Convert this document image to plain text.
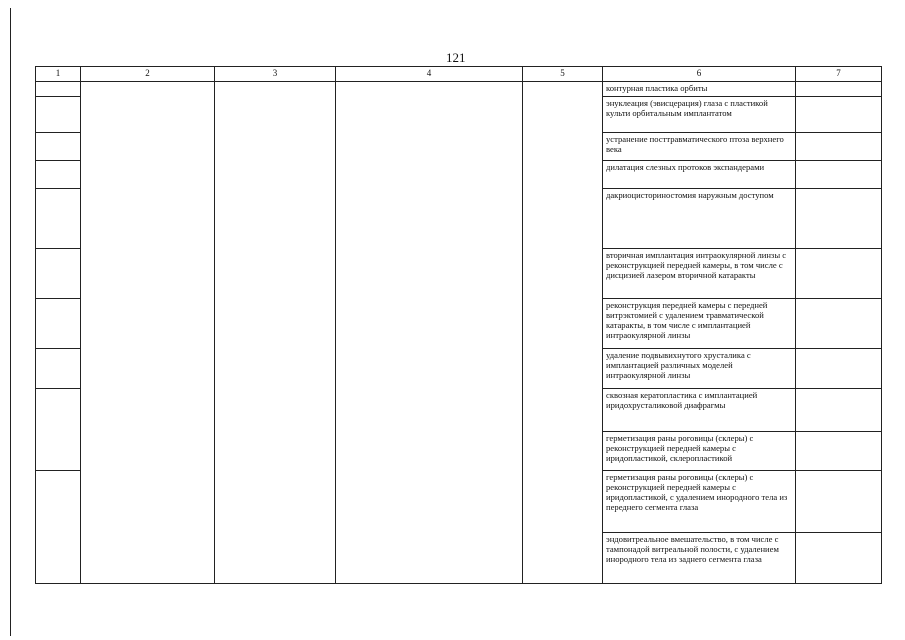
121
1	2	3	4	5	6	7
					контурная пластика орбиты	
					энуклеация (эвисцерация) глаза с пластикой культи орбитальным имплантатом	
					устранение посттравматического птоза верхнего века	
					дилатация слезных протоков экспандерами	
					дакриоцисториностомия наружным доступом	
					вторичная имплантация интраокулярной линзы с реконструкцией передней камеры, в том числе с дисцизией лазером вторичной катаракты	
					реконструкция передней камеры с передней витрэктомией с удалением травматической катаракты, в том числе с имплантацией интраокулярной линзы	
					удаление подвывихнутого хрусталика с имплантацией различных моделей интраокулярной линзы	
					сквозная кератопластика с имплантацией иридохрусталиковой диафрагмы	
					герметизация раны роговицы (склеры) с реконструкцией передней камеры с иридопластикой, склеропластикой	
					герметизация раны роговицы (склеры) с реконструкцией передней камеры с иридопластикой, с удалением инородного тела из переднего сегмента глаза	
					эндовитреальное вмешательство, в том числе с тампонадой витреальной полости, с удалением инородного тела из заднего сегмента глаза	
